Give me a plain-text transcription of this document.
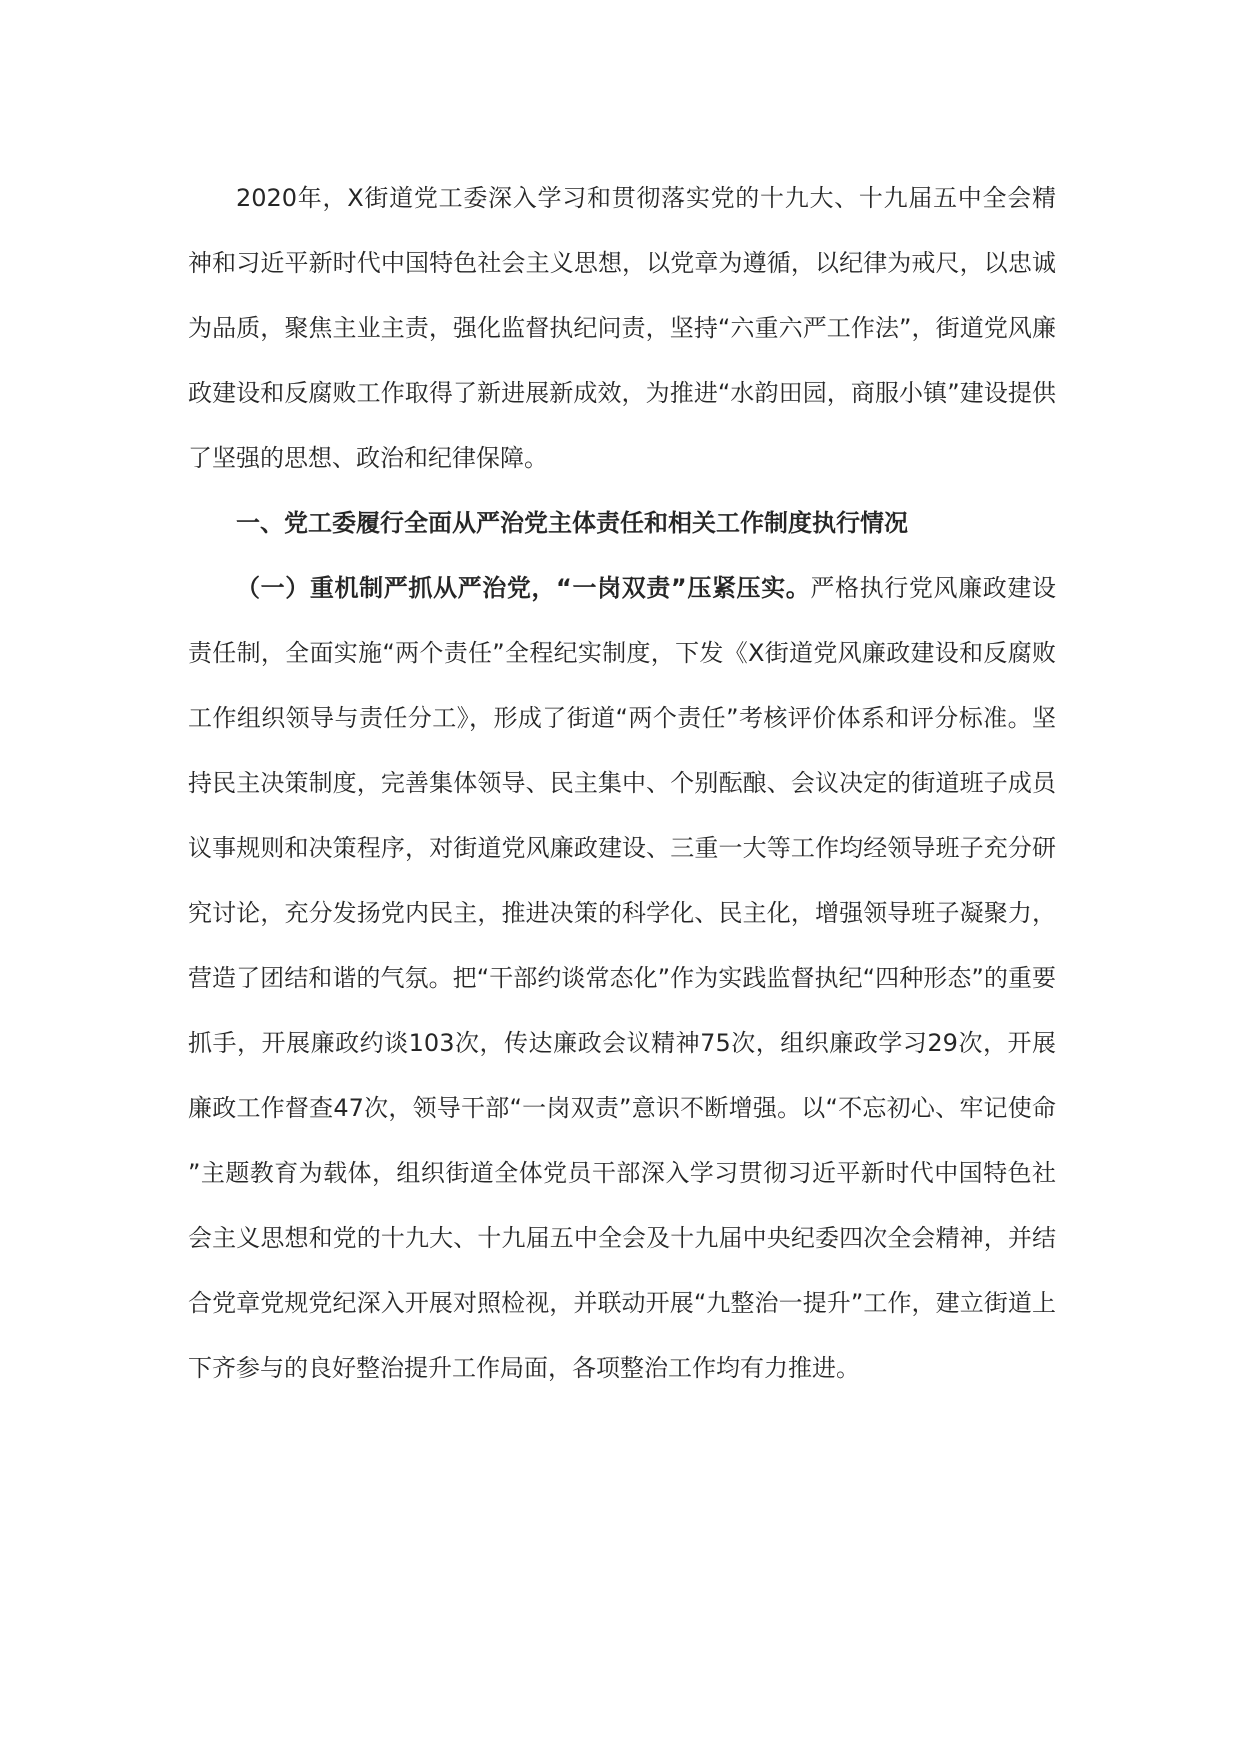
2020年，X街道党工委深入学习和贯彻落实党的十九大、十九届五中全会精神和习近平新时代中国特色社会主义思想，以党章为遵循，以纪律为戒尺，以忠诚为品质，聚焦主业主责，强化监督执纪问责，坚持“六重六严工作法”，街道党风廉政建设和反腐败工作取得了新进展新成效，为推进“水韵田园，商服小镇”建设提供了坚强的思想、政治和纪律保障。

一、党工委履行全面从严治党主体责任和相关工作制度执行情况

（一）重机制严抓从严治党，“一岗双责”压紧压实。严格执行党风廉政建设责任制，全面实施“两个责任”全程纪实制度，下发《X街道党风廉政建设和反腐败工作组织领导与责任分工》，形成了街道“两个责任”考核评价体系和评分标准。坚持民主决策制度，完善集体领导、民主集中、个别酝酿、会议决定的街道班子成员议事规则和决策程序，对街道党风廉政建设、三重一大等工作均经领导班子充分研究讨论，充分发扬党内民主，推进决策的科学化、民主化，增强领导班子凝聚力，营造了团结和谐的气氛。把“干部约谈常态化”作为实践监督执纪“四种形态”的重要抓手，开展廉政约谈103次，传达廉政会议精神75次，组织廉政学习29次，开展廉政工作督查47次，领导干部“一岗双责”意识不断增强。以“不忘初心、牢记使命”主题教育为载体，组织街道全体党员干部深入学习贯彻习近平新时代中国特色社会主义思想和党的十九大、十九届五中全会及十九届中央纪委四次全会精神，并结合党章党规党纪深入开展对照检视，并联动开展“九整治一提升”工作，建立街道上下齐参与的良好整治提升工作局面，各项整治工作均有力推进。
